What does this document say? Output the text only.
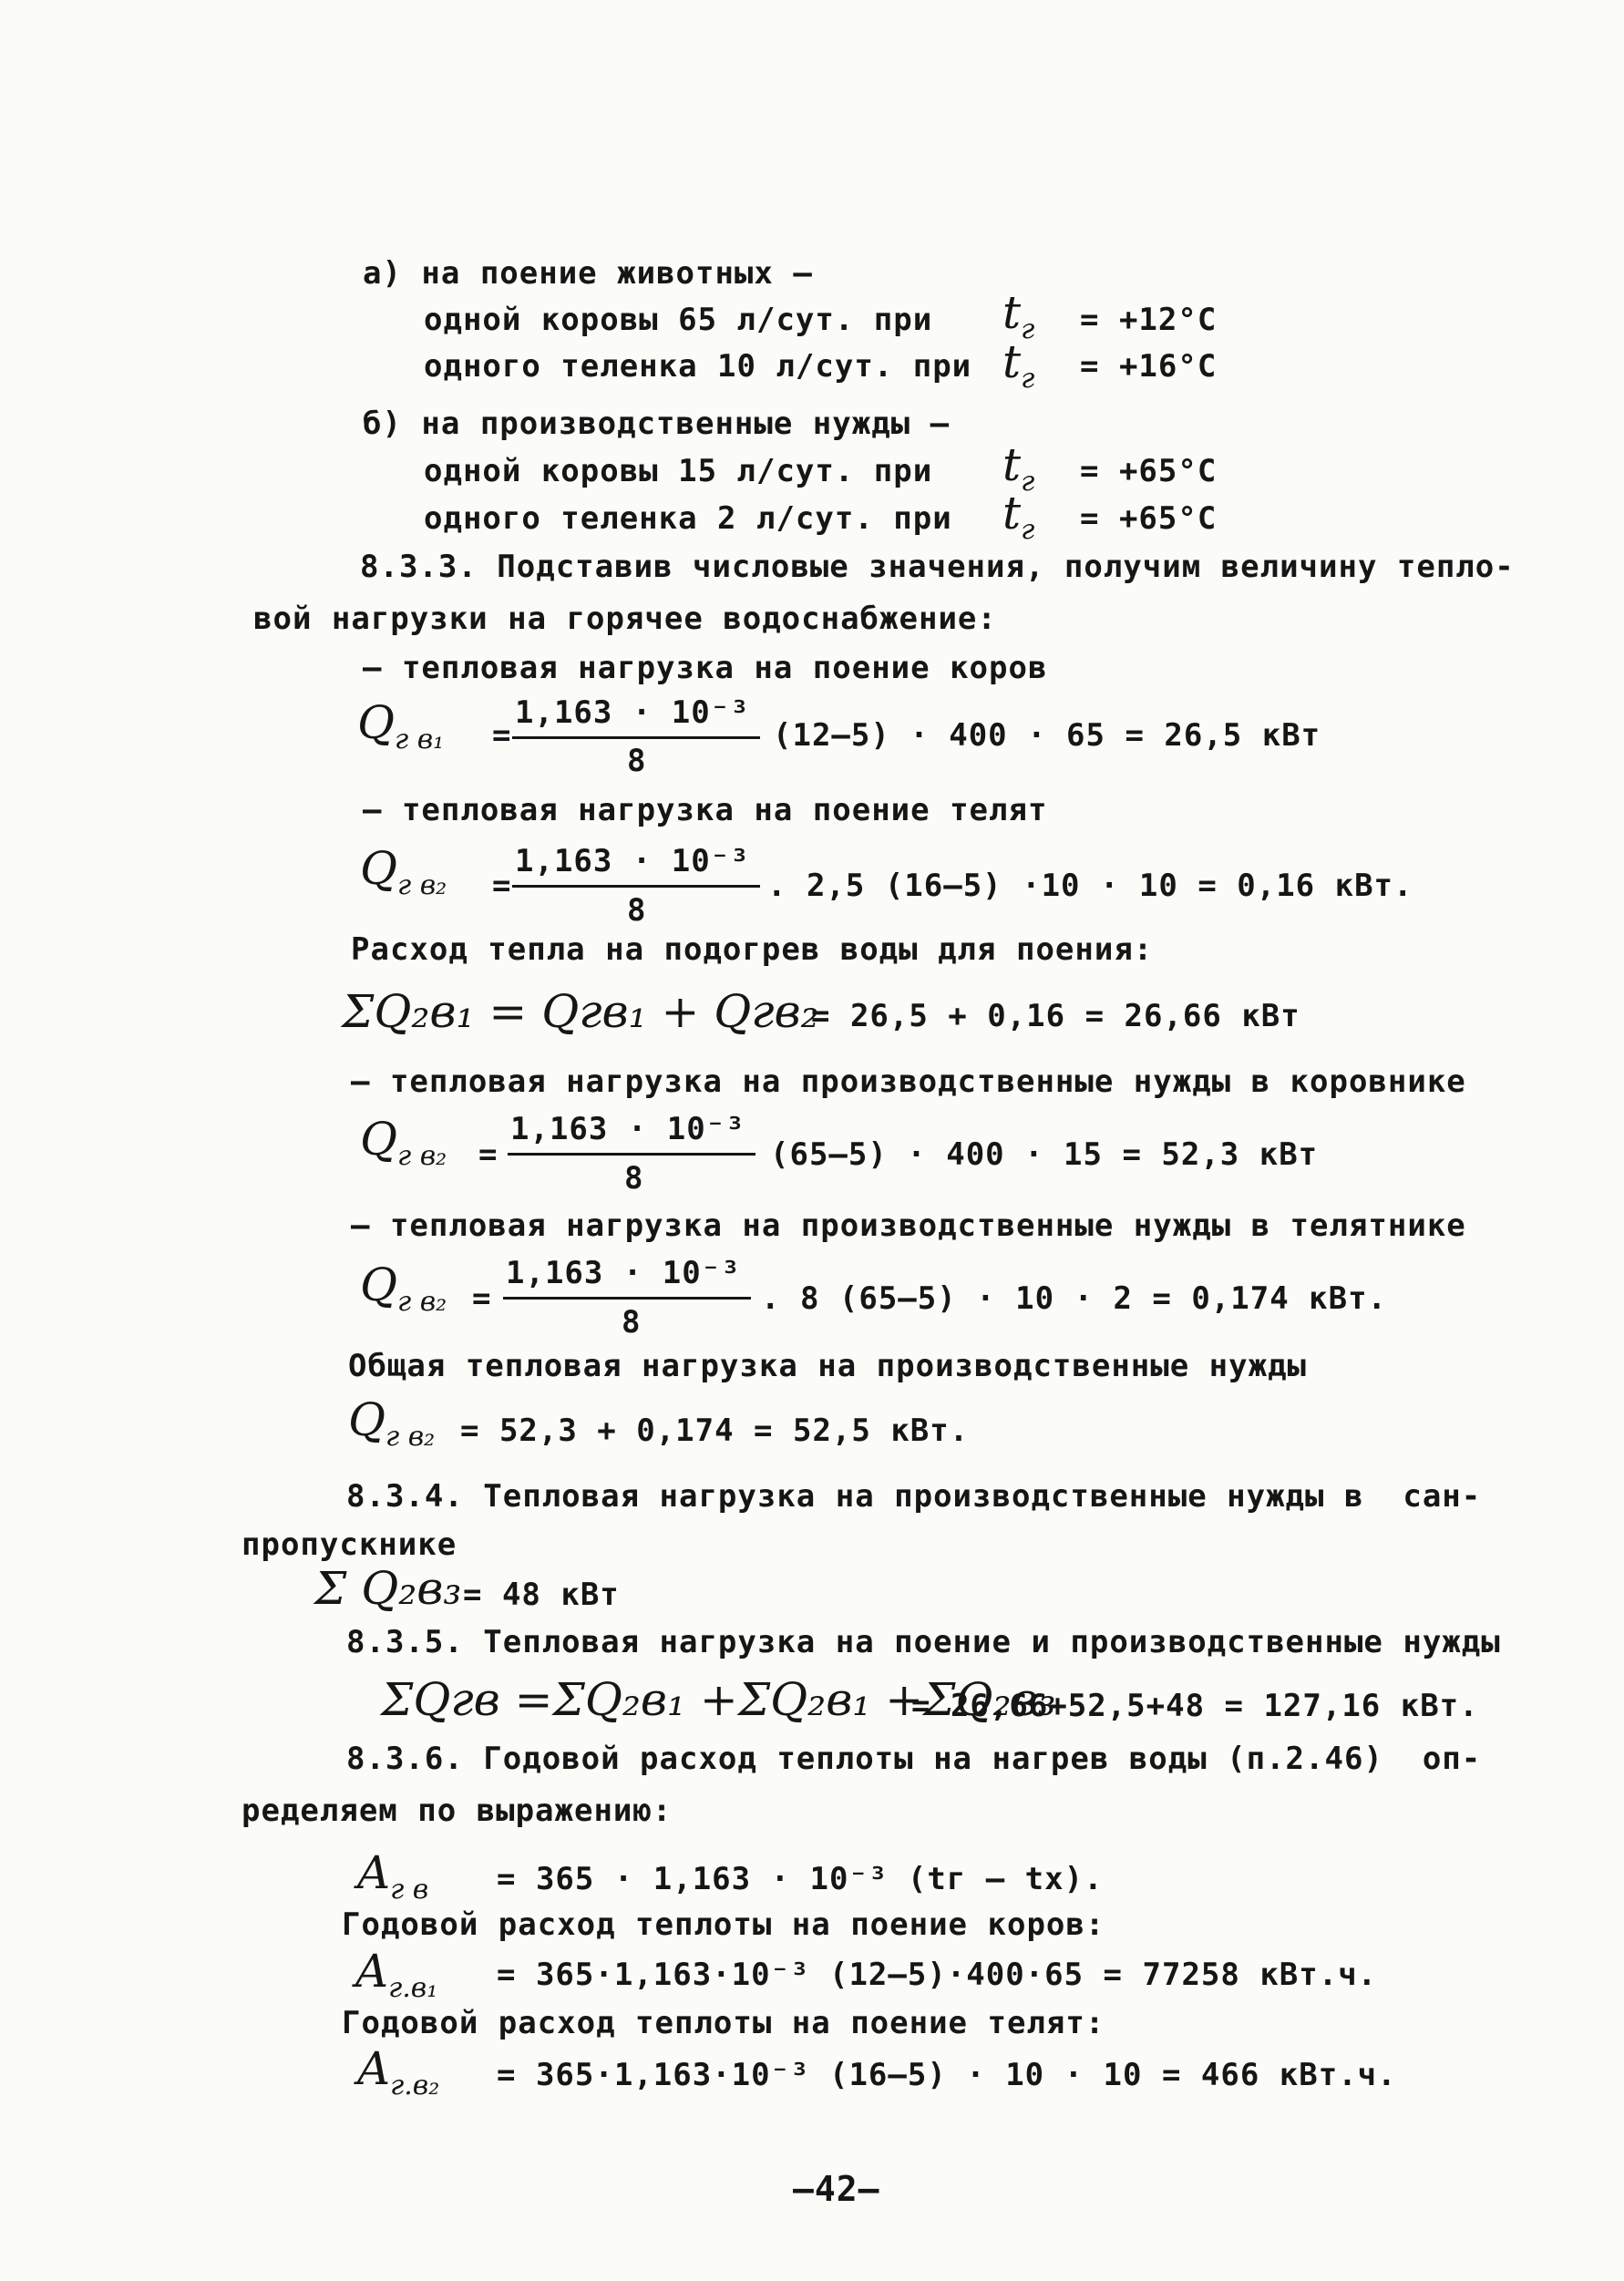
а) на поение животных –
одной коровы 65 л/сут. при $t_г = +12^\circ С$
одного теленка 10 л/сут. при $t_г = +16^\circ С$
б) на производственные нужды –
одной коровы 15 л/сут. при $t_г = +65^\circ С$
одного теленка 2 л/сут. при $t_г = +65^\circ С$
8.3.3. Подставив числовые значения, получим величину тепло-
вой нагрузки на горячее водоснабжение:
– тепловая нагрузка на поение коров
$Q_{г в_1}$ =
1,163 · 10⁻³
8
(12–5) · 400 · 65 = 26,5 кВт
– тепловая нагрузка на поение телят
$Q_{г в_2}$ =
1,163 · 10⁻³
8
. 2,5 (16–5) ·10 · 10 = 0,16 кВт.
Расход тепла на подогрев воды для поения:
ΣQ₂в₁ = Qгв₁ + Qгв₂
= 26,5 + 0,16 = 26,66 кВт
– тепловая нагрузка на производственные нужды в коровнике
$Q_{г в_2}$ =
1,163 · 10⁻³
8
(65–5) · 400 · 15 = 52,3 кВт
– тепловая нагрузка на производственные нужды в телятнике
$Q_{г в_2}$ =
1,163 · 10⁻³
8
. 8 (65–5) · 10 · 2 = 0,174 кВт.
Общая тепловая нагрузка на производственные нужды
$Q_{г в_2} = 52,3 + 0,174 = 52,5$ кВт.
8.3.4. Тепловая нагрузка на производственные нужды в  сан-
пропускнике
Σ Q₂в₃ = 48 кВт
8.3.5. Тепловая нагрузка на поение и производственные нужды
ΣQгв =ΣQ₂в₁ +ΣQ₂в₁ +ΣQ₂в₃
= 26,66+52,5+48 = 127,16 кВт.
8.3.6. Годовой расход теплоты на нагрев воды (п.2.46)  оп-
ределяем по выражению:
$A_{г в} = 365 \cdot 1,163 \cdot 10^{-3}$ (tг – tх).
Годовой расход теплоты на поение коров:
$A_{г.в_1} = 365\cdot 1,163\cdot 10^{-3}$ (12–5)·400·65 = 77258 кВт.ч.
Годовой расход теплоты на поение телят:
$A_{г.в_2} = 365\cdot 1,163\cdot 10^{-3}$ (16–5) · 10 · 10 = 466 кВт.ч.
–42–
